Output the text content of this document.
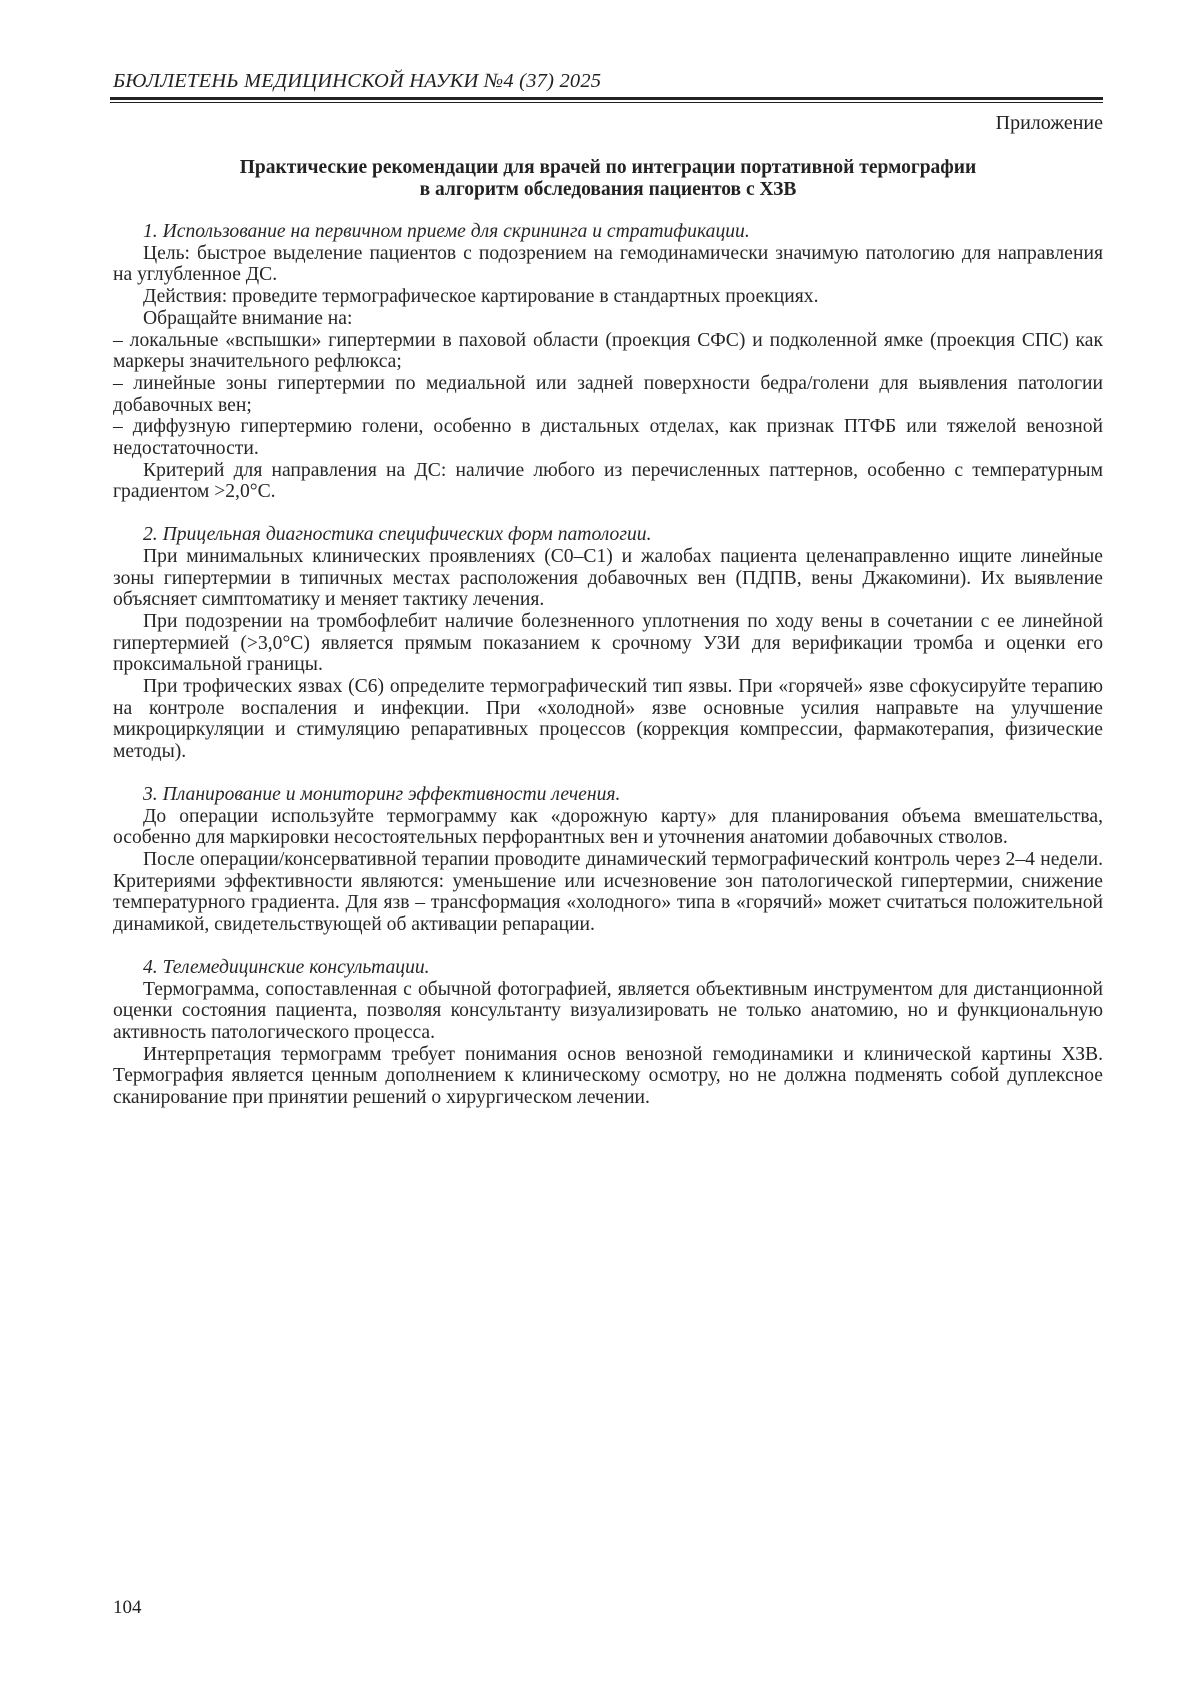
БЮЛЛЕТЕНЬ МЕДИЦИНСКОЙ НАУКИ №4 (37) 2025
Приложение
Практические рекомендации для врачей по интеграции портативной термографии
в алгоритм обследования пациентов с ХЗВ

1. Использование на первичном приеме для скрининга и стратификации.

Цель: быстрое выделение пациентов с подозрением на гемодинамически значимую патологию для направления на углубленное ДС.

Действия: проведите термографическое картирование в стандартных проекциях.

Обращайте внимание на:

– локальные «вспышки» гипертермии в паховой области (проекция СФС) и подколенной ямке (проекция СПС) как маркеры значительного рефлюкса;

– линейные зоны гипертермии по медиальной или задней поверхности бедра/голени для выявления патологии добавочных вен;

– диффузную гипертермию голени, особенно в дистальных отделах, как признак ПТФБ или тяжелой венозной недостаточности.

Критерий для направления на ДС: наличие любого из перечисленных паттернов, особенно с температурным градиентом >2,0°С.

2. Прицельная диагностика специфических форм патологии.

При минимальных клинических проявлениях (С0–С1) и жалобах пациента целенаправленно ищите линейные зоны гипертермии в типичных местах расположения добавочных вен (ПДПВ, вены Джакомини). Их выявление объясняет симптоматику и меняет тактику лечения.

При подозрении на тромбофлебит наличие болезненного уплотнения по ходу вены в сочетании с ее линейной гипертермией (>3,0°С) является прямым показанием к срочному УЗИ для верификации тромба и оценки его проксимальной границы.

При трофических язвах (С6) определите термографический тип язвы. При «горячей» язве сфокусируйте терапию на контроле воспаления и инфекции. При «холодной» язве основные усилия направьте на улучшение микроциркуляции и стимуляцию репаративных процессов (коррекция компрессии, фармакотерапия, физические методы).

3. Планирование и мониторинг эффективности лечения.

До операции используйте термограмму как «дорожную карту» для планирования объема вмешательства, особенно для маркировки несостоятельных перфорантных вен и уточнения анатомии добавочных стволов.

После операции/консервативной терапии проводите динамический термографический контроль через 2–4 недели. Критериями эффективности являются: уменьшение или исчезновение зон патологической гипертермии, снижение температурного градиента. Для язв – трансформация «холодного» типа в «горячий» может считаться положительной динамикой, свидетельствующей об активации репарации.

4. Телемедицинские консультации.

Термограмма, сопоставленная с обычной фотографией, является объективным инструментом для дистанционной оценки состояния пациента, позволяя консультанту визуализировать не только анатомию, но и функциональную активность патологического процесса.

Интерпретация термограмм требует понимания основ венозной гемодинамики и клинической картины ХЗВ. Термография является ценным дополнением к клиническому осмотру, но не должна подменять собой дуплексное сканирование при принятии решений о хирургическом лечении.

104
